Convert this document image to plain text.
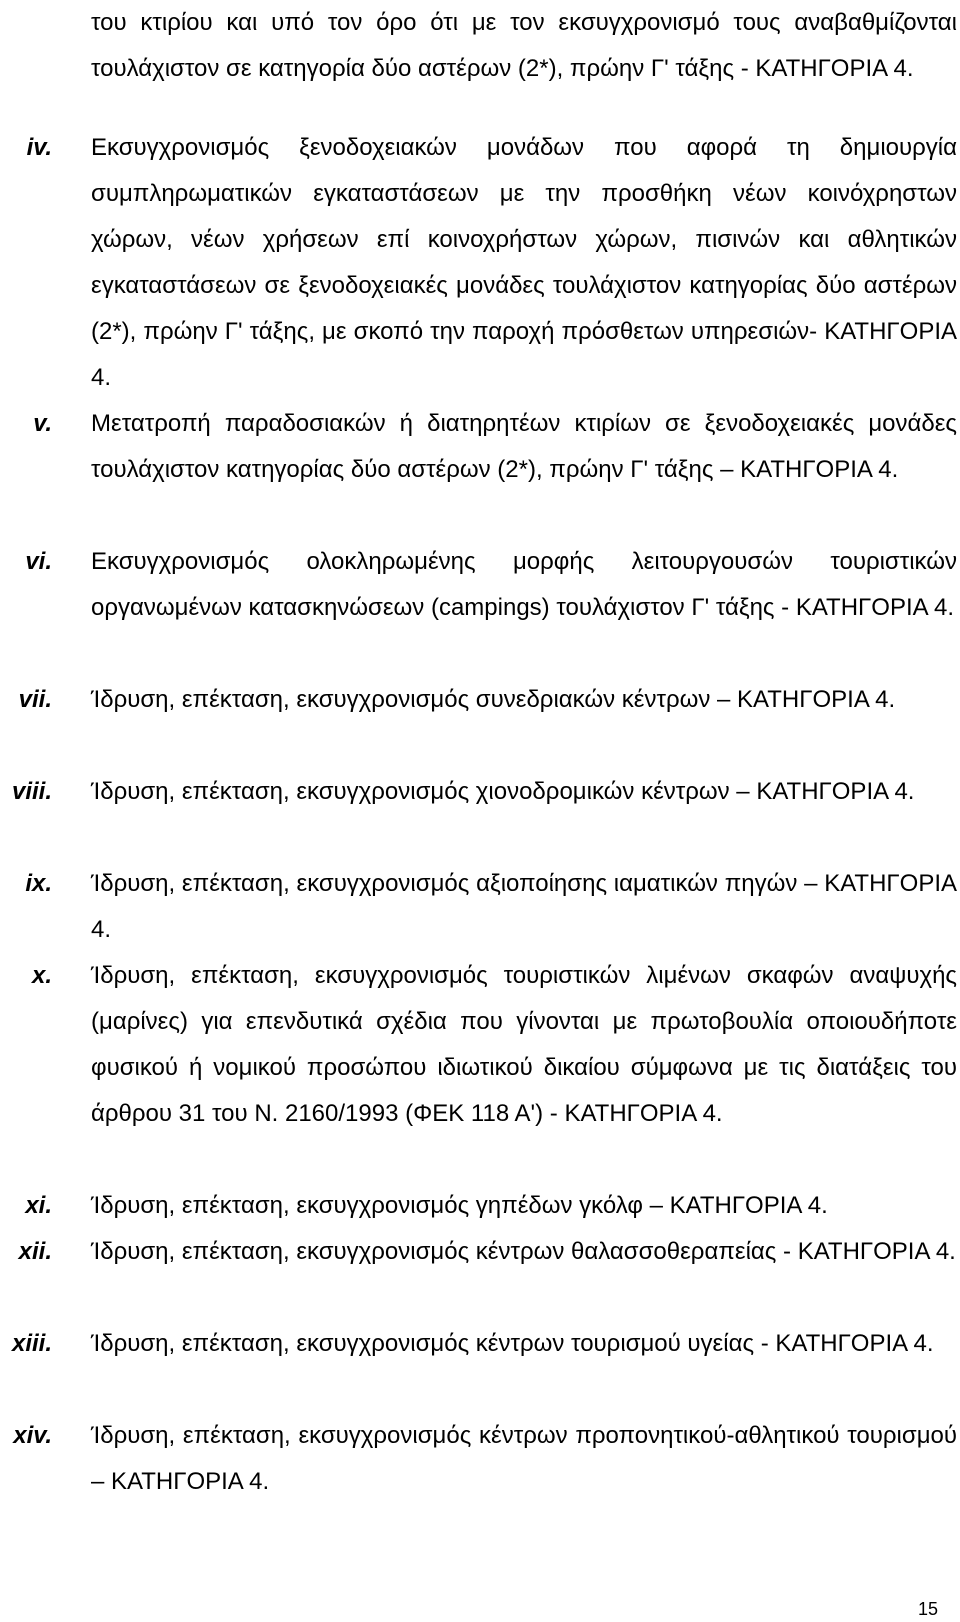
του κτιρίου και υπό τον όρο ότι με τον εκσυγχρονισμό τους αναβαθμίζονται τουλάχιστον σε κατηγορία δύο αστέρων (2*), πρώην Γ' τάξης - ΚΑΤΗΓΟΡΙΑ 4.
iv. Εκσυγχρονισμός ξενοδοχειακών μονάδων που αφορά τη δημιουργία συμπληρωματικών εγκαταστάσεων με την προσθήκη νέων κοινόχρηστων χώρων, νέων χρήσεων επί κοινοχρήστων χώρων, πισινών και αθλητικών εγκαταστάσεων σε ξενοδοχειακές μονάδες τουλάχιστον κατηγορίας δύο αστέρων (2*), πρώην Γ' τάξης, με σκοπό την παροχή πρόσθετων υπηρεσιών- ΚΑΤΗΓΟΡΙΑ 4.
v. Μετατροπή παραδοσιακών ή διατηρητέων κτιρίων σε ξενοδοχειακές μονάδες τουλάχιστον κατηγορίας δύο αστέρων (2*), πρώην Γ' τάξης – ΚΑΤΗΓΟΡΙΑ 4.
vi. Εκσυγχρονισμός ολοκληρωμένης μορφής λειτουργουσών τουριστικών οργανωμένων κατασκηνώσεων (campings) τουλάχιστον Γ' τάξης - ΚΑΤΗΓΟΡΙΑ 4.
vii. Ίδρυση, επέκταση, εκσυγχρονισμός συνεδριακών κέντρων – ΚΑΤΗΓΟΡΙΑ 4.
viii. Ίδρυση, επέκταση, εκσυγχρονισμός χιονοδρομικών κέντρων – ΚΑΤΗΓΟΡΙΑ 4.
ix. Ίδρυση, επέκταση, εκσυγχρονισμός αξιοποίησης ιαματικών πηγών – ΚΑΤΗΓΟΡΙΑ 4.
x. Ίδρυση, επέκταση, εκσυγχρονισμός τουριστικών λιμένων σκαφών αναψυχής (μαρίνες) για επενδυτικά σχέδια που γίνονται με πρωτοβουλία οποιουδήποτε φυσικού ή νομικού προσώπου ιδιωτικού δικαίου σύμφωνα με τις διατάξεις του άρθρου 31 του Ν. 2160/1993 (ΦΕΚ 118 Α') - ΚΑΤΗΓΟΡΙΑ 4.
xi. Ίδρυση, επέκταση, εκσυγχρονισμός γηπέδων γκόλφ – ΚΑΤΗΓΟΡΙΑ 4.
xii. Ίδρυση, επέκταση, εκσυγχρονισμός κέντρων θαλασσοθεραπείας - ΚΑΤΗΓΟΡΙΑ 4.
xiii. Ίδρυση, επέκταση, εκσυγχρονισμός κέντρων τουρισμού υγείας - ΚΑΤΗΓΟΡΙΑ 4.
xiv. Ίδρυση, επέκταση, εκσυγχρονισμός κέντρων προπονητικού-αθλητικού τουρισμού – ΚΑΤΗΓΟΡΙΑ 4.
15
